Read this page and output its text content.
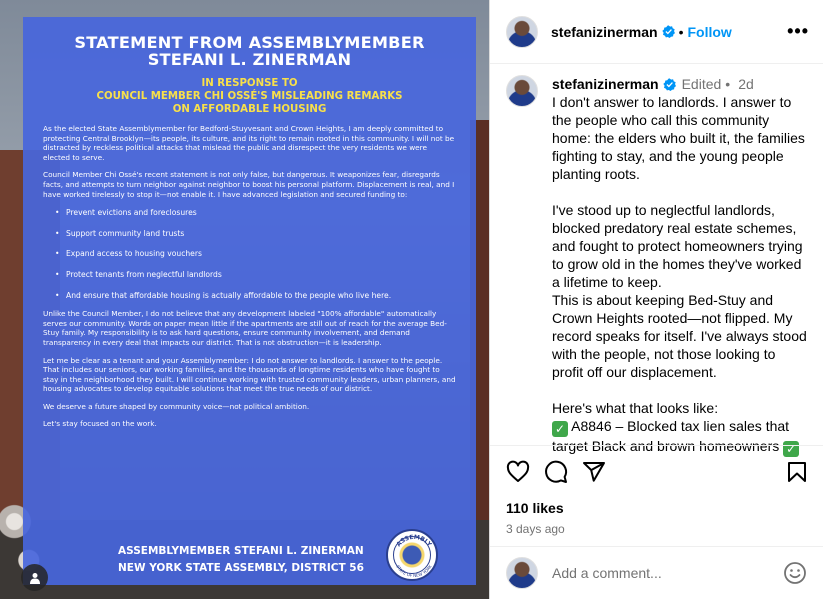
STATEMENT FROM ASSEMBLYMEMBER
STEFANI L. ZINERMAN
IN RESPONSE TO
COUNCIL MEMBER CHI OSSÉ'S MISLEADING REMARKS
ON AFFORDABLE HOUSING

As the elected State Assemblymember for Bedford-Stuyvesant and Crown Heights, I am deeply committed to protecting Central Brooklyn—its people, its culture, and its right to remain rooted in this community. I will not be distracted by reckless political attacks that mislead the public and disrespect the very residents we were elected to serve.

Council Member Chi Ossé's recent statement is not only false, but dangerous. It weaponizes fear, disregards facts, and attempts to turn neighbor against neighbor to boost his personal platform. Displacement is real, and I have worked tirelessly to stop it—not enable it. I have advanced legislation and secured funding to:

• Prevent evictions and foreclosures
• Support community land trusts
• Expand access to housing vouchers
• Protect tenants from neglectful landlords
• And ensure that affordable housing is actually affordable to the people who live here.

Unlike the Council Member, I do not believe that any development labeled "100% affordable" automatically serves our community. Words on paper mean little if the apartments are still out of reach for the average Bed-Stuy family. My responsibility is to ask hard questions, ensure community involvement, and demand transparency in every deal that impacts our district. That is not obstruction—it is leadership.

Let me be clear as a tenant and your Assemblymember: I do not answer to landlords. I answer to the people. That includes our seniors, our working families, and the thousands of longtime residents who have fought to stay in the neighborhood they built. I will continue working with trusted community leaders, urban planners, and housing advocates to develop equitable solutions that meet the true needs of our district.

We deserve a future shaped by community voice—not political ambition.

Let's stay focused on the work.

ASSEMBLYMEMBER STEFANI L. ZINERMAN
NEW YORK STATE ASSEMBLY, DISTRICT 56
ASSEMBLY
STATE OF NEW YORK
stefanizinerman • Follow	•••
stefanizinerman Edited • 2d

I don't answer to landlords. I answer to the people who call this community home: the elders who built it, the families fighting to stay, and the young people planting roots.

I've stood up to neglectful landlords, blocked predatory real estate schemes, and fought to protect homeowners trying to grow old in the homes they've worked a lifetime to keep.

This is about keeping Bed-Stuy and Crown Heights rooted—not flipped. My record speaks for itself. I've always stood with the people, not those looking to profit off our displacement.

Here's what that looks like:

✓ A8846 – Blocked tax lien sales that target Black and brown homeowners ✓

110 likes
3 days ago
Add a comment...
